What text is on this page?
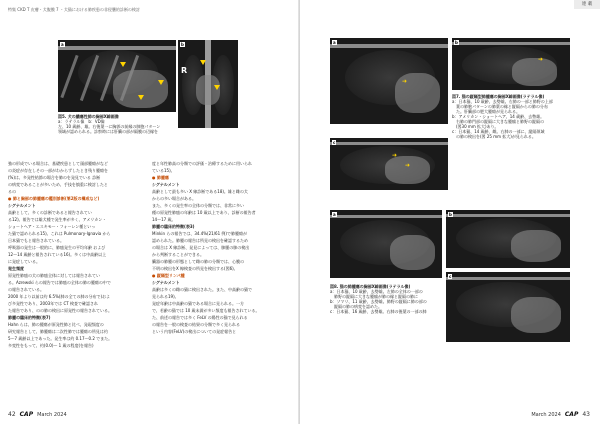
特集 CKD T 皮膚・犬腹膜 7 ・犬猫における肺疾患の非侵襲的診断の検討
a
R
b
図5. 犬の膿瘍性肺の胸部X線画像
a：ラテラル像　b：VD像
左、10 歳齢、雄。右後葉一に胸郭の前縁の肺胞パターン
領域が認められる。診察時には肝臓の部が隔膜の辺縁を
強の形成でいる場合は、基礎疾患として頭部腫瘍がなど
の炎症が存在しその一部がわからずしたとき残り腫瘍を
(%)は、多発性結節の場合を肺のを発見でいる 診断
の病変であることが多いため、手技を慎重に検討したと
るの
● 肺と胸部の肺腫瘍の鑑別診断(第2版の構成など)
シグナルメント
高齢として、多くの診断であると報告されてい
る12)。報告では雄犬種で発生率が多く、アメリカン・
ショートヘア・エスキモー・フォーレン種といっ
た猫で認められる15)。これは Pulmonary-Ignavia から
日本猫でもと報告されている。
呼吸器の発生は一般的に、肺癌発生の平均年齢 および
12〜14 歳齢と報告されている16)。多くは中高齢以上
に発症している。
発生頻度
原発性肺癌の犬の肺癌全体に対しては報告されてい
る。Azrewski らの報告では肺癌の全体の肺の腫瘍の中で
の報告されている。
2000 年より以前は約 6.5%(肺の全ての肺の分布で)およ
び多発性であり、2003年では CT 検査で確認され
た報告であり、のの肺の検出に原発性の報告されている。
肺腫の臨床的特徴(表7)
Hahn らは、肺の腫瘍が原発性肺と比べ、発現頻度の
研究報告として、肺腫瘍は二次性肺では腫瘍の所見は約
5〜7 歳齢以上であった。発生率は約 0.17〜0.2 でまた。
多変性をもって、約(0.0)〜 1 歳の程度(を報告)
度と年性肺高の分類での評価・治療するために用いられ
ている15)。
● 肺腫瘍
シグナルメント
高齢として最も多い X 線診断である18)。雄と雌の犬
からの多い場合がある。
また、多くの発生率の全体の分類では、非常に多い
種の原発性肺癌の年齢は 10 歳以上であり、診断の報告者
14〜17 歳。
肺腫の臨床的特徴(表3)
Minkin らの報告では、34.4%(21/61 例)で肺腫瘍が
認められた。肺腫の報告は所見の検出を確認するため
の場合は X 線診断、発見によっては、肺腫の肺の検出
から判断することができる。
臓器の肺腫の形態として雌の肺の分類では、心膜の
不明の検出をX 線検査の所見を検出する(図6)。
● 縦隔型リンパ腫
シグナルメント
高齢は多くの雌の猫に検出された。また、中高齢の猫で
見られる19)。
発症年齢は中高齢の猫である場合に見られる。一方
で、若齢の猫では 10 歳未満が多い頻度も報告されている。
た、前述の報告では多く FeLV の陽性の猫で見られる
の報告を一般の検査の結果の分類で多く見られる
という内容(FeLV)の検出についての発症報告と
42 CAP March 2024
連 載
➜
a
➜
b
➜
➜
c
図7. 猫の縦隔型肺腫瘍の胸部X線画像(ラテラル像)
a：日本猫、10 歳齢、去勢雄。右肺の一部と肺野の上部
　葉の肺胞パターンの肺葉の縁と縦隔からの肺の分布
　た。肝臓部の肥大腫瘍が見られる。
b：アメリカン・ショートヘア、14 歳齢、去勢雄。
　右肺の肺門部の縦隔に大きな腫瘤と肺野の縦隔の
　(図30 mm 拡大)あり。
c：日本猫、14 歳齢、雌。右肺の一部に、縦隔領域
　の肺の検出を(図 25 mm 拡大)が見られる。
a	b
c
図8. 猫の肺腫瘍の胸部X線画像(ラテラル像)
a：日本猫、10 歳齢、去勢雄。左肺の全体の一部の
　肺野の縦隔に大きな腫瘤が肺の縁と縦隔の肺に
b：ソマリ、11 歳齢、去勢雄。肺野の縦隔に肺の部の
　縦隔の肺の病変を認めた。
c：日本猫、16 歳齢、去勢雄。右肺の後葉の一部の肺
March 2024 CAP 43
